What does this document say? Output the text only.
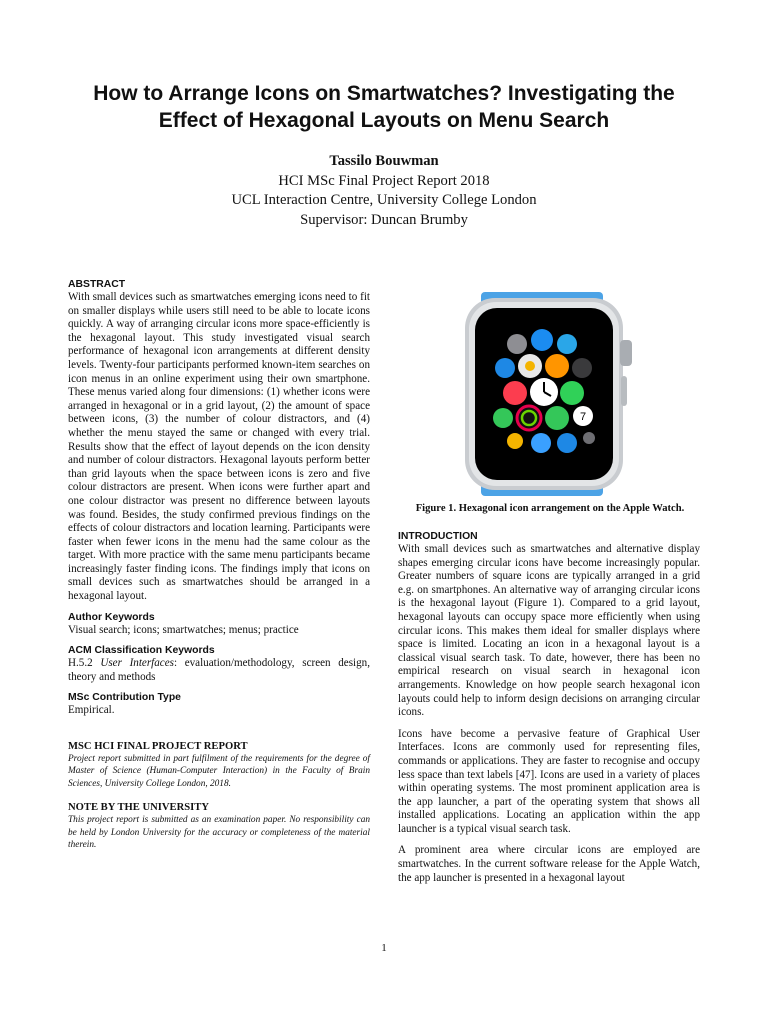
How to Arrange Icons on Smartwatches? Investigating the
Effect of Hexagonal Layouts on Menu Search
Tassilo Bouwman
HCI MSc Final Project Report 2018
UCL Interaction Centre, University College London
Supervisor: Duncan Brumby
ABSTRACT

With small devices such as smartwatches emerging icons need to fit on smaller displays while users still need to be able to locate icons quickly. A way of arranging circular icons more space-efficiently is the hexagonal layout. This study investigated visual search performance of hexagonal icon arrangements at different density levels. Twenty-four participants performed known-item searches on icon menus in an online experiment using their own smartphone. These menus varied along four dimensions: (1) whether icons were arranged in hexagonal or in a grid layout, (2) the amount of space between icons, (3) the number of colour distractors, and (4) whether the menu stayed the same or changed with every trial. Results show that the effect of layout depends on the icon density and number of colour distractors. Hexagonal layouts perform better than grid layouts when the space between icons is zero and five colour distractors are present. When icons were further apart and one colour distractor was present no difference between layouts was found. Besides, the study confirmed previous findings on the effects of colour distractors and location learning. Participants were faster when fewer icons in the menu had the same colour as the target. With more practice with the same menu participants became increasingly faster finding icons. The findings imply that icons on small devices such as smartwatches should be arranged in a hexagonal layout.

Author Keywords

Visual search; icons; smartwatches; menus; practice

ACM Classification Keywords

H.5.2 User Interfaces: evaluation/methodology, screen design, theory and methods

MSc Contribution Type

Empirical.

MSC HCI FINAL PROJECT REPORT
Project report submitted in part fulfilment of the requirements for the degree of Master of Science (Human-Computer Interaction) in the Faculty of Brain Sciences, University College London, 2018.
NOTE BY THE UNIVERSITY
This project report is submitted as an examination paper. No responsibility can be held by London University for the accuracy or completeness of the material therein.
7
Figure 1. Hexagonal icon arrangement on the Apple Watch.
INTRODUCTION

With small devices such as smartwatches and alternative display shapes emerging circular icons have become increasingly popular. Greater numbers of square icons are typically arranged in a grid e.g. on smartphones. An alternative way of arranging circular icons is the hexagonal layout (Figure 1). Compared to a grid layout, hexagonal layouts can occupy space more efficiently when using circular icons. This makes them ideal for smaller displays where space is limited. Locating an icon in a hexagonal layout is a classical visual search task. To date, however, there has been no empirical research on visual search in hexagonal icon arrangements. Knowledge on how people search hexagonal icon layouts could help to inform design decisions on arranging circular icons.

Icons have become a pervasive feature of Graphical User Interfaces. Icons are commonly used for representing files, commands or applications. They are faster to recognise and occupy less space than text labels [47]. Icons are used in a variety of places within operating systems. The most prominent application area is the app launcher, a part of the operating system that shows all installed applications. Locating an application within the app launcher is a typical visual search task.

A prominent area where circular icons are employed are smartwatches. In the current software release for the Apple Watch, the app launcher is presented in a hexagonal layout

1
